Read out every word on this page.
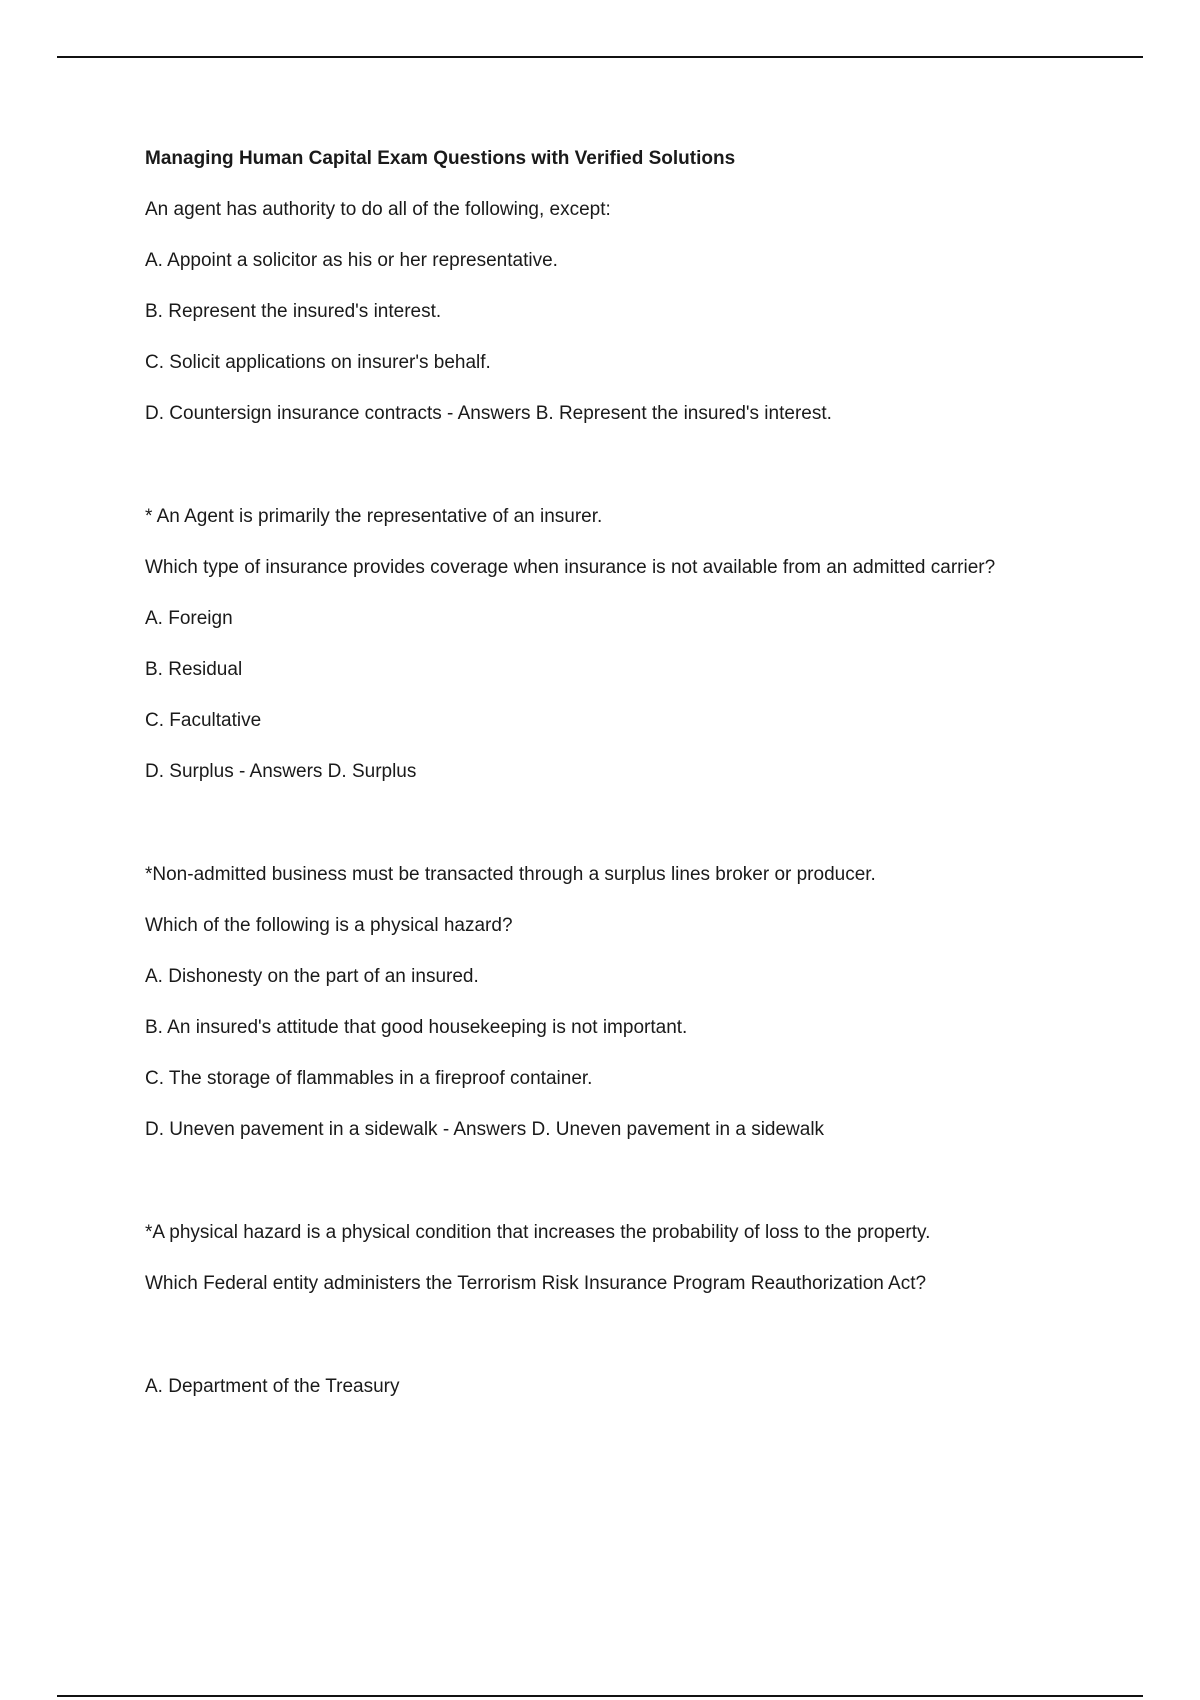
Managing Human Capital Exam Questions with Verified Solutions

An agent has authority to do all of the following, except:

A. Appoint a solicitor as his or her representative.

B. Represent the insured's interest.

C. Solicit applications on insurer's behalf.

D. Countersign insurance contracts - Answers B. Represent the insured's interest.

* An Agent is primarily the representative of an insurer.

Which type of insurance provides coverage when insurance is not available from an admitted carrier?

A. Foreign

B. Residual

C. Facultative

D. Surplus - Answers D. Surplus

*Non-admitted business must be transacted through a surplus lines broker or producer.

Which of the following is a physical hazard?

A. Dishonesty on the part of an insured.

B. An insured's attitude that good housekeeping is not important.

C. The storage of flammables in a fireproof container.

D. Uneven pavement in a sidewalk - Answers D. Uneven pavement in a sidewalk

*A physical hazard is a physical condition that increases the probability of loss to the property.

Which Federal entity administers the Terrorism Risk Insurance Program Reauthorization Act?

A. Department of the Treasury
